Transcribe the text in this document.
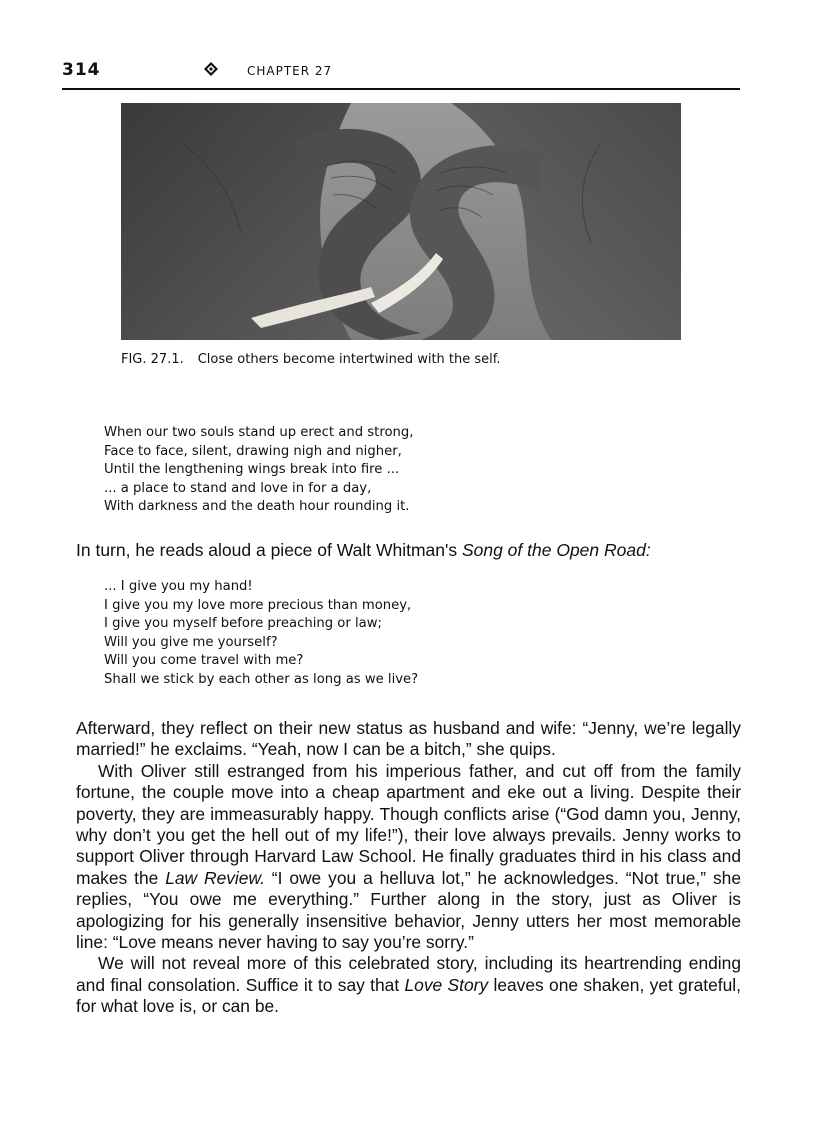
314	CHAPTER 27
FIG. 27.1. Close others become intertwined with the self.
When our two souls stand up erect and strong,
Face to face, silent, drawing nigh and nigher,
Until the lengthening wings break into fire ...
... a place to stand and love in for a day,
With darkness and the death hour rounding it.
In turn, he reads aloud a piece of Walt Whitman's Song of the Open Road:
... I give you my hand!
I give you my love more precious than money,
I give you myself before preaching or law;
Will you give me yourself?
Will you come travel with me?
Shall we stick by each other as long as we live?

Afterward, they reflect on their new status as husband and wife: “Jenny, we’re legally married!” he exclaims. “Yeah, now I can be a bitch,” she quips.

With Oliver still estranged from his imperious father, and cut off from the family fortune, the couple move into a cheap apartment and eke out a living. Despite their poverty, they are immeasurably happy. Though conflicts arise (“God damn you, Jenny, why don’t you get the hell out of my life!”), their love always prevails. Jenny works to support Oliver through Harvard Law School. He finally graduates third in his class and makes the Law Review. “I owe you a helluva lot,” he acknowledges. “Not true,” she replies, “You owe me everything.” Further along in the story, just as Oliver is apologizing for his generally insensitive behavior, Jenny utters her most memorable line: “Love means never having to say you’re sorry.”

We will not reveal more of this celebrated story, including its heartrending ending and final consolation. Suffice it to say that Love Story leaves one shaken, yet grateful, for what love is, or can be.
